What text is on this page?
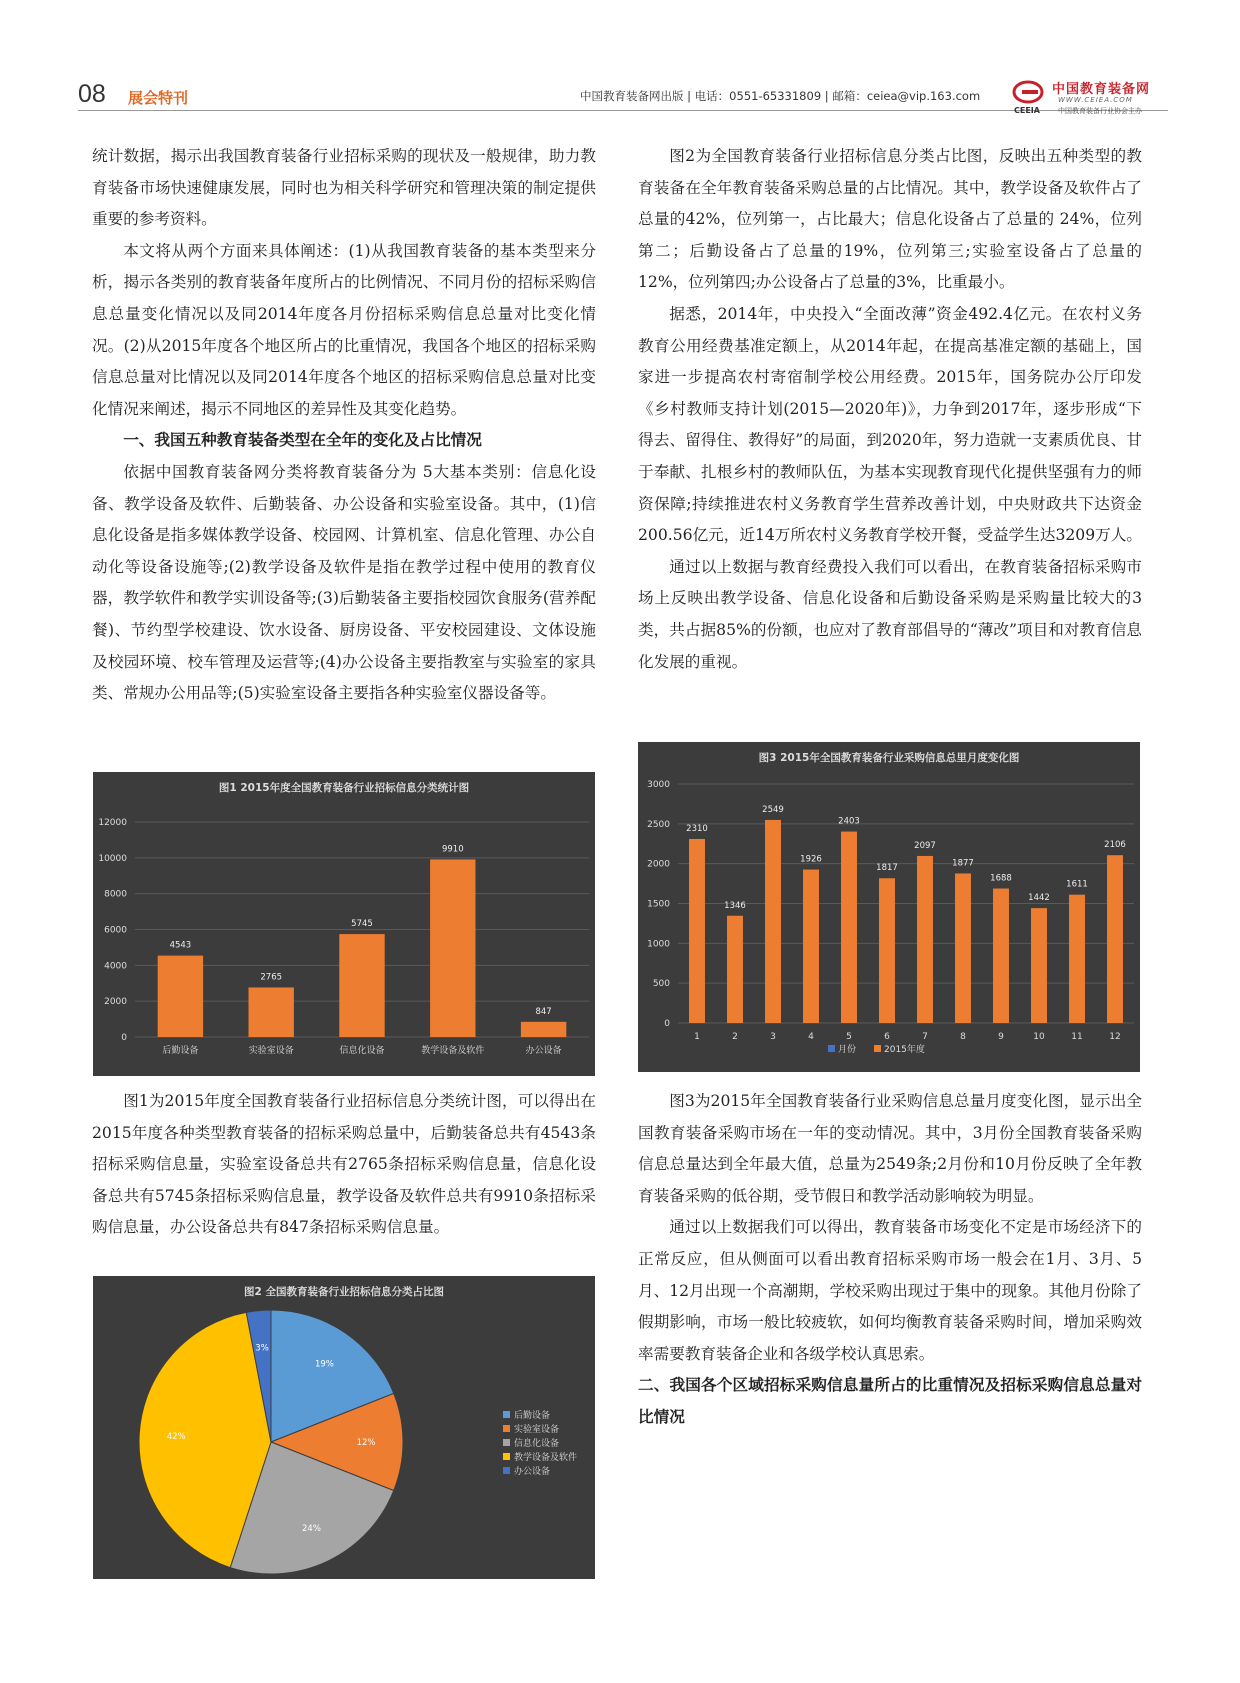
08 展会特刊	中国教育装备网出版 | 电话：0551-65331809 | 邮箱：ceiea@vip.163.com	中国教育装备网
WWW.CEIEA.COM
CEEIA	中国教育装备行业协会主办

统计数据，揭示出我国教育装备行业招标采购的现状及一般规律，助力教育装备市场快速健康发展，同时也为相关科学研究和管理决策的制定提供重要的参考资料。

本文将从两个方面来具体阐述：(1)从我国教育装备的基本类型来分析，揭示各类别的教育装备年度所占的比例情况、不同月份的招标采购信息总量变化情况以及同2014年度各月份招标采购信息总量对比变化情况。(2)从2015年度各个地区所占的比重情况，我国各个地区的招标采购信息总量对比情况以及同2014年度各个地区的招标采购信息总量对比变化情况来阐述，揭示不同地区的差异性及其变化趋势。

一、我国五种教育装备类型在全年的变化及占比情况

依据中国教育装备网分类将教育装备分为 5大基本类别：信息化设备、教学设备及软件、后勤装备、办公设备和实验室设备。其中，(1)信息化设备是指多媒体教学设备、校园网、计算机室、信息化管理、办公自动化等设备设施等;(2)教学设备及软件是指在教学过程中使用的教育仪器，教学软件和教学实训设备等;(3)后勤装备主要指校园饮食服务(营养配餐)、节约型学校建设、饮水设备、厨房设备、平安校园建设、文体设施及校园环境、校车管理及运营等;(4)办公设备主要指教室与实验室的家具类、常规办公用品等;(5)实验室设备主要指各种实验室仪器设备等。

图1为2015年度全国教育装备行业招标信息分类统计图，可以得出在2015年度各种类型教育装备的招标采购总量中，后勤装备总共有4543条招标采购信息量，实验室设备总共有2765条招标采购信息量，信息化设备总共有5745条招标采购信息量，教学设备及软件总共有9910条招标采购信息量，办公设备总共有847条招标采购信息量。

图2为全国教育装备行业招标信息分类占比图，反映出五种类型的教育装备在全年教育装备采购总量的占比情况。其中，教学设备及软件占了总量的42%，位列第一，占比最大；信息化设备占了总量的 24%，位列第二；后勤设备占了总量的19%，位列第三;实验室设备占了总量的12%，位列第四;办公设备占了总量的3%，比重最小。

据悉，2014年，中央投入“全面改薄”资金492.4亿元。在农村义务教育公用经费基准定额上，从2014年起，在提高基准定额的基础上，国家进一步提高农村寄宿制学校公用经费。2015年，国务院办公厅印发《乡村教师支持计划(2015—2020年)》，力争到2017年，逐步形成“下得去、留得住、教得好”的局面，到2020年，努力造就一支素质优良、甘于奉献、扎根乡村的教师队伍，为基本实现教育现代化提供坚强有力的师资保障;持续推进农村义务教育学生营养改善计划，中央财政共下达资金200.56亿元，近14万所农村义务教育学校开餐，受益学生达3209万人。

通过以上数据与教育经费投入我们可以看出，在教育装备招标采购市场上反映出教学设备、信息化设备和后勤设备采购是采购量比较大的3类，共占据85%的份额，也应对了教育部倡导的“薄改”项目和对教育信息化发展的重视。

图3为2015年全国教育装备行业采购信息总量月度变化图，显示出全国教育装备采购市场在一年的变动情况。其中，3月份全国教育装备采购信息总量达到全年最大值，总量为2549条;2月份和10月份反映了全年教育装备采购的低谷期，受节假日和教学活动影响较为明显。

通过以上数据我们可以得出，教育装备市场变化不定是市场经济下的正常反应，但从侧面可以看出教育招标采购市场一般会在1月、3月、5月、12月出现一个高潮期，学校采购出现过于集中的现象。其他月份除了假期影响，市场一般比较疲软，如何均衡教育装备采购时间，增加采购效率需要教育装备企业和各级学校认真思索。

二、我国各个区域招标采购信息量所占的比重情况及招标采购信息总量对比情况

图1 2015年度全国教育装备行业招标信息分类统计图
0
2000
4000
6000
8000
10000
12000
4543
后勤设备
2765
实验室设备
5745
信息化设备
9910
教学设备及软件
847
办公设备
图2 全国教育装备行业招标信息分类占比图
19%
12%
24%
42%
3%
后勤设备
实验室设备
信息化设备
教学设备及软件
办公设备
图3 2015年全国教育装备行业采购信息总里月度变化图
0
500
1000
1500
2000
2500
3000
2310
1
1346
2
2549
3
1926
4
2403
5
1817
6
2097
7
1877
8
1688
9
1442
10
1611
11
2106
12
月份	2015年度
